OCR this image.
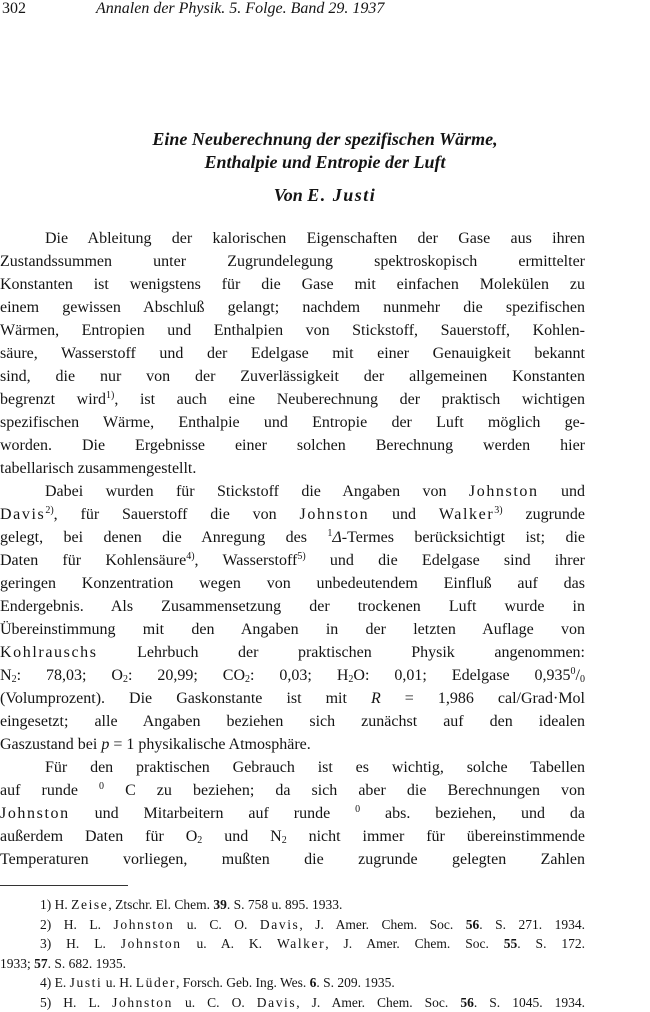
302	Annalen der Physik. 5. Folge. Band 29. 1937
Eine Neuberechnung der spezifischen Wärme,
Enthalpie und Entropie der Luft
Von E. Justi
Die Ableitung der kalorischen Eigenschaften der Gase aus ihren
Zustandssummen unter Zugrundelegung spektroskopisch ermittelter
Konstanten ist wenigstens für die Gase mit einfachen Molekülen zu
einem gewissen Abschluß gelangt; nachdem nunmehr die spezifischen
Wärmen, Entropien und Enthalpien von Stickstoff, Sauerstoff, Kohlen-
säure, Wasserstoff und der Edelgase mit einer Genauigkeit bekannt
sind, die nur von der Zuverlässigkeit der allgemeinen Konstanten
begrenzt wird$^{1)}$, ist auch eine Neuberechnung der praktisch wichtigen
spezifischen Wärme, Enthalpie und Entropie der Luft möglich ge-
worden. Die Ergebnisse einer solchen Berechnung werden hier
tabellarisch zusammengestellt.
Dabei wurden für Stickstoff die Angaben von Johnston und
Davis$^{2)}$, für Sauerstoff die von Johnston und Walker$^{3)}$ zugrunde
gelegt, bei denen die Anregung des $^1$Δ-Termes berücksichtigt ist; die
Daten für Kohlensäure$^{4)}$, Wasserstoff$^{5)}$ und die Edelgase sind ihrer
geringen Konzentration wegen von unbedeutendem Einfluß auf das
Endergebnis. Als Zusammensetzung der trockenen Luft wurde in
Übereinstimmung mit den Angaben in der letzten Auflage von
Kohlrauschs Lehrbuch der praktischen Physik angenommen:
$N_2$: 78,03; $O_2$: 20,99; $CO_2$: 0,03; $H_2O$: 0,01; Edelgase $0,935^0/_0$
(Volumprozent). Die Gaskonstante ist mit R = 1,986 cal/Grad·Mol
eingesetzt; alle Angaben beziehen sich zunächst auf den idealen
Gaszustand bei p = 1 physikalische Atmosphäre.
Für den praktischen Gebrauch ist es wichtig, solche Tabellen
auf runde $^0$ C zu beziehen; da sich aber die Berechnungen von
Johnston und Mitarbeitern auf runde $^0$ abs. beziehen, und da
außerdem Daten für $O_2$ und $N_2$ nicht immer für übereinstimmende
Temperaturen vorliegen, mußten die zugrunde gelegten Zahlen
1) H. Zeise, Ztschr. El. Chem. 39. S. 758 u. 895. 1933.
2) H. L. Johnston u. C. O. Davis, J. Amer. Chem. Soc. 56. S. 271. 1934.
3) H. L. Johnston u. A. K. Walker, J. Amer. Chem. Soc. 55. S. 172.
1933; 57. S. 682. 1935.
4) E. Justi u. H. Lüder, Forsch. Geb. Ing. Wes. 6. S. 209. 1935.
5) H. L. Johnston u. C. O. Davis, J. Amer. Chem. Soc. 56. S. 1045. 1934.
